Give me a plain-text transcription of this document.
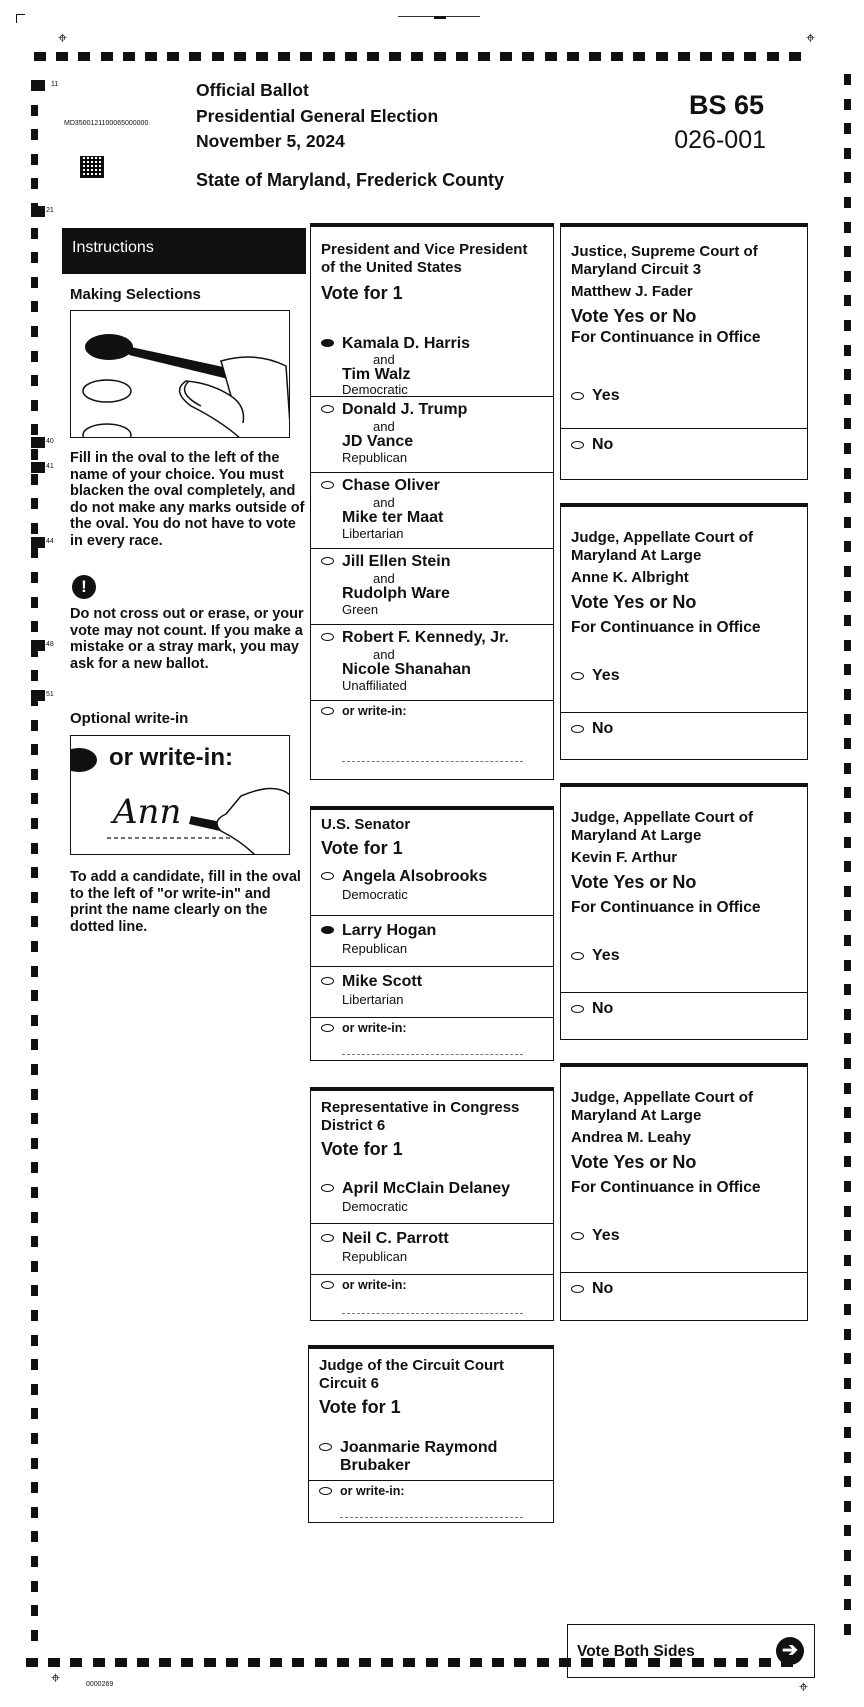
⌖	⌖
⌖
⌖
11
21
40
41
44
48
51
Official Ballot
Presidential General Election
November 5, 2024
State of Maryland, Frederick County
BS 65
026-001
MD3500121100065000000
Instructions
Making Selections
Fill in the oval to the left of the name of your choice. You must blacken the oval completely, and do not make any marks outside of the oval. You do not have to vote in every race.
!
Do not cross out or erase, or your vote may not count. If you make a mistake or a stray mark, you may ask for a new ballot.
Optional write-in
or write-in:
Ann
To add a candidate, fill in the oval to the left of "or write-in" and print the name clearly on the dotted line.
President and Vice President of the United States
Vote for 1
Kamala D. Harris
and
Tim Walz
Democratic
Donald J. Trump
and
JD Vance
Republican
Chase Oliver
and
Mike ter Maat
Libertarian
Jill Ellen Stein
and
Rudolph Ware
Green
Robert F. Kennedy, Jr.
and
Nicole Shanahan
Unaffiliated
or write-in:
U.S. Senator
Vote for 1
Angela Alsobrooks
Democratic
Larry Hogan
Republican
Mike Scott
Libertarian
or write-in:
Representative in Congress District 6
Vote for 1
April McClain Delaney
Democratic
Neil C. Parrott
Republican
or write-in:
Judge of the Circuit Court Circuit 6
Vote for 1
Joanmarie Raymond Brubaker
or write-in:
Justice, Supreme Court of Maryland Circuit 3
Matthew J. Fader
Vote Yes or No
For Continuance in Office
Yes
No
Judge, Appellate Court of Maryland At Large
Anne K. Albright
Vote Yes or No
For Continuance in Office
Yes
No
Judge, Appellate Court of Maryland At Large
Kevin F. Arthur
Vote Yes or No
For Continuance in Office
Yes
No
Judge, Appellate Court of Maryland At Large
Andrea M. Leahy
Vote Yes or No
For Continuance in Office
Yes
No
Vote Both Sides	➔
0000269
